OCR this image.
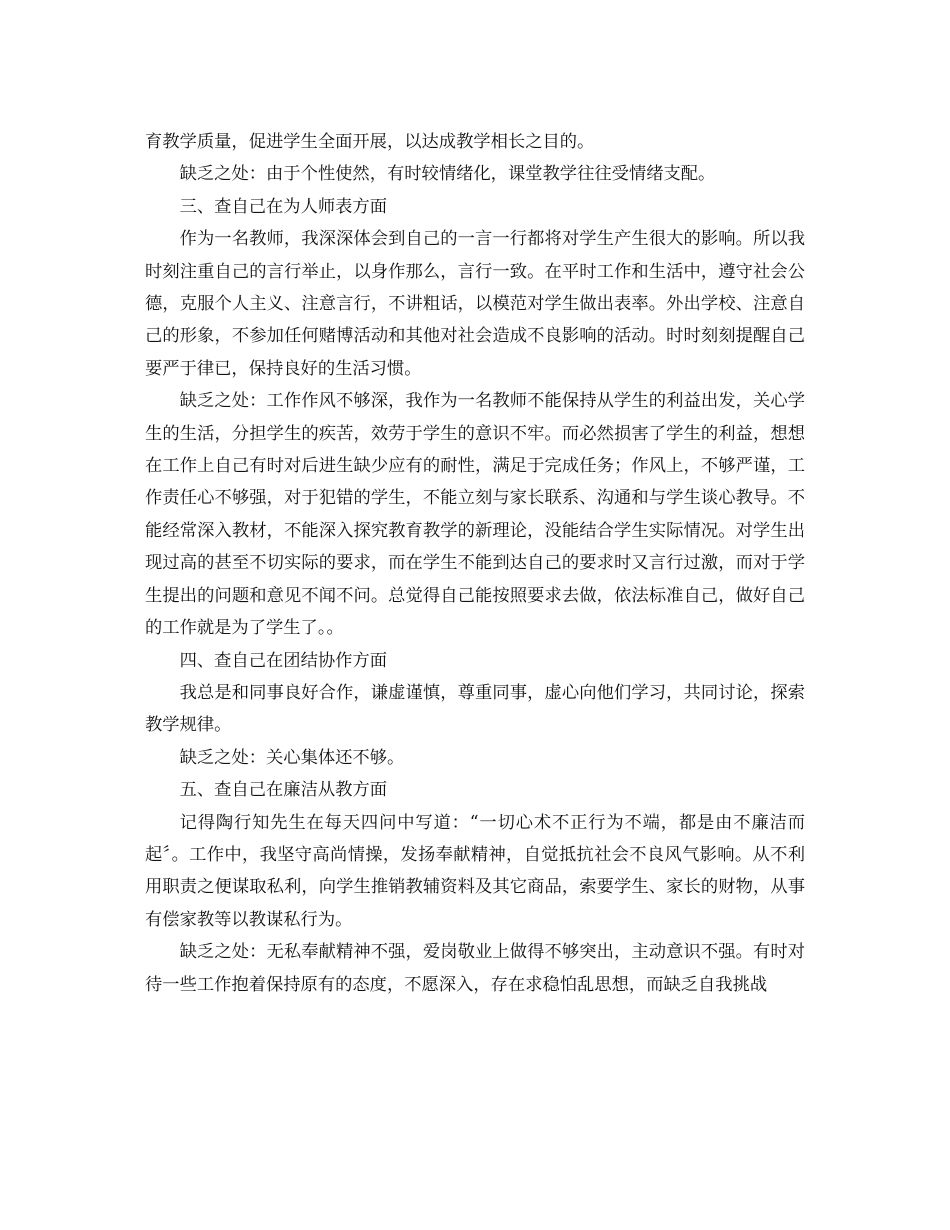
育教学质量，促进学生全面开展，以达成教学相长之目的。

缺乏之处：由于个性使然，有时较情绪化，课堂教学往往受情绪支配。

三、查自己在为人师表方面

作为一名教师，我深深体会到自己的一言一行都将对学生产生很大的影响。所以我时刻注重自己的言行举止，以身作那么，言行一致。在平时工作和生活中，遵守社会公德，克服个人主义、注意言行，不讲粗话，以模范对学生做出表率。外出学校、注意自己的形象，不参加任何赌博活动和其他对社会造成不良影响的活动。时时刻刻提醒自己要严于律已，保持良好的生活习惯。

缺乏之处：工作作风不够深，我作为一名教师不能保持从学生的利益出发，关心学生的生活，分担学生的疾苦，效劳于学生的意识不牢。而必然损害了学生的利益，想想在工作上自己有时对后进生缺少应有的耐性，满足于完成任务；作风上，不够严谨，工作责任心不够强，对于犯错的学生，不能立刻与家长联系、沟通和与学生谈心教导。不能经常深入教材，不能深入探究教育教学的新理论，没能结合学生实际情况。对学生出现过高的甚至不切实际的要求，而在学生不能到达自己的要求时又言行过激，而对于学生提出的问题和意见不闻不问。总觉得自己能按照要求去做，依法标准自己，做好自己的工作就是为了学生了。。

四、查自己在团结协作方面

我总是和同事良好合作，谦虚谨慎，尊重同事，虚心向他们学习，共同讨论，探索教学规律。

缺乏之处：关心集体还不够。

五、查自己在廉洁从教方面

记得陶行知先生在每天四问中写道：“一切心术不正行为不端，都是由不廉洁而起〞。工作中，我坚守高尚情操，发扬奉献精神，自觉抵抗社会不良风气影响。从不利用职责之便谋取私利，向学生推销教辅资料及其它商品，索要学生、家长的财物，从事有偿家教等以教谋私行为。

缺乏之处：无私奉献精神不强，爱岗敬业上做得不够突出，主动意识不强。有时对待一些工作抱着保持原有的态度，不愿深入，存在求稳怕乱思想，而缺乏自我挑战
